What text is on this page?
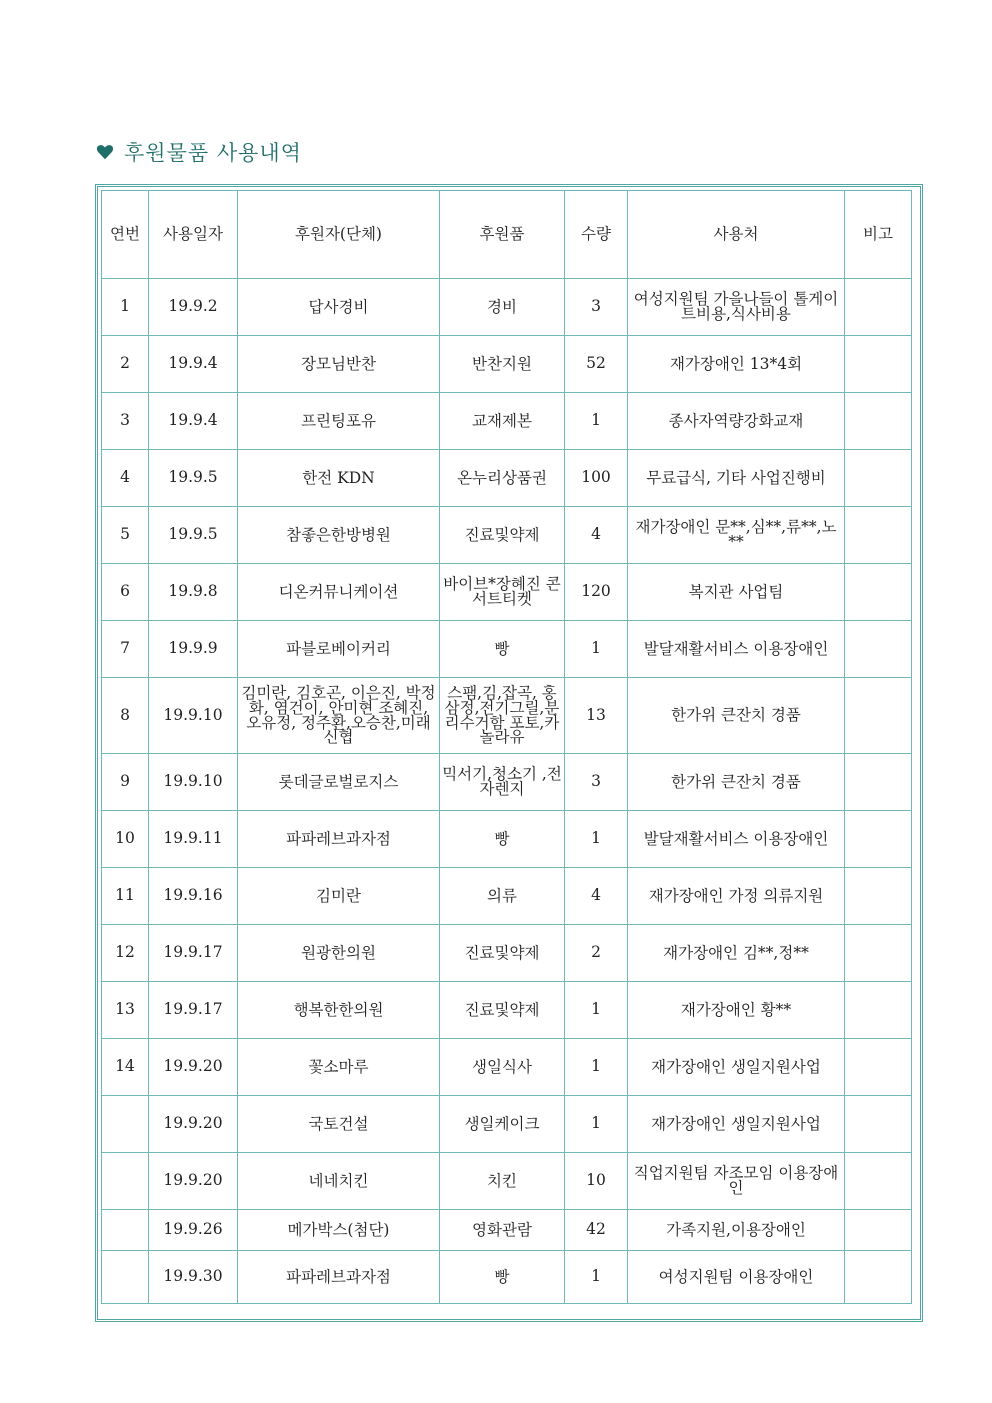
후원물품 사용내역
연번	사용일자	후원자(단체)	후원품	수량	사용처	비고
1	19.9.2	답사경비	경비	3	여성지원팀 가을나들이 톨게이트비용,식사비용	
2	19.9.4	장모님반찬	반찬지원	52	재가장애인 13*4회	
3	19.9.4	프린팅포유	교재제본	1	종사자역량강화교재	
4	19.9.5	한전 KDN	온누리상품권	100	무료급식, 기타 사업진행비	
5	19.9.5	참좋은한방병원	진료및약제	4	재가장애인 문**,심**,류**,노**	
6	19.9.8	디온커뮤니케이션	바이브*장혜진 콘서트티켓	120	복지관 사업팀	
7	19.9.9	파블로베이커리	빵	1	발달재활서비스 이용장애인	
8	19.9.10	김미란, 김호곤, 이은진, 박정화, 염건이, 안미현 조혜진, 오유정, 정주환,오승찬,미래신협	스팸,김,잡곡, 홍삼정,전기그릴,분리수거함 포토,카놀라유	13	한가위 큰잔치 경품	
9	19.9.10	롯데글로벌로지스	믹서기,청소기 ,전자렌지	3	한가위 큰잔치 경품	
10	19.9.11	파파레브과자점	빵	1	발달재활서비스 이용장애인	
11	19.9.16	김미란	의류	4	재가장애인 가정 의류지원	
12	19.9.17	원광한의원	진료및약제	2	재가장애인 김**,정**	
13	19.9.17	행복한한의원	진료및약제	1	재가장애인 황**	
14	19.9.20	꽃소마루	생일식사	1	재가장애인 생일지원사업	
	19.9.20	국토건설	생일케이크	1	재가장애인 생일지원사업	
	19.9.20	네네치킨	치킨	10	직업지원팀 자조모임 이용장애인	
	19.9.26	메가박스(첨단)	영화관람	42	가족지원,이용장애인	
	19.9.30	파파레브과자점	빵	1	여성지원팀 이용장애인	
